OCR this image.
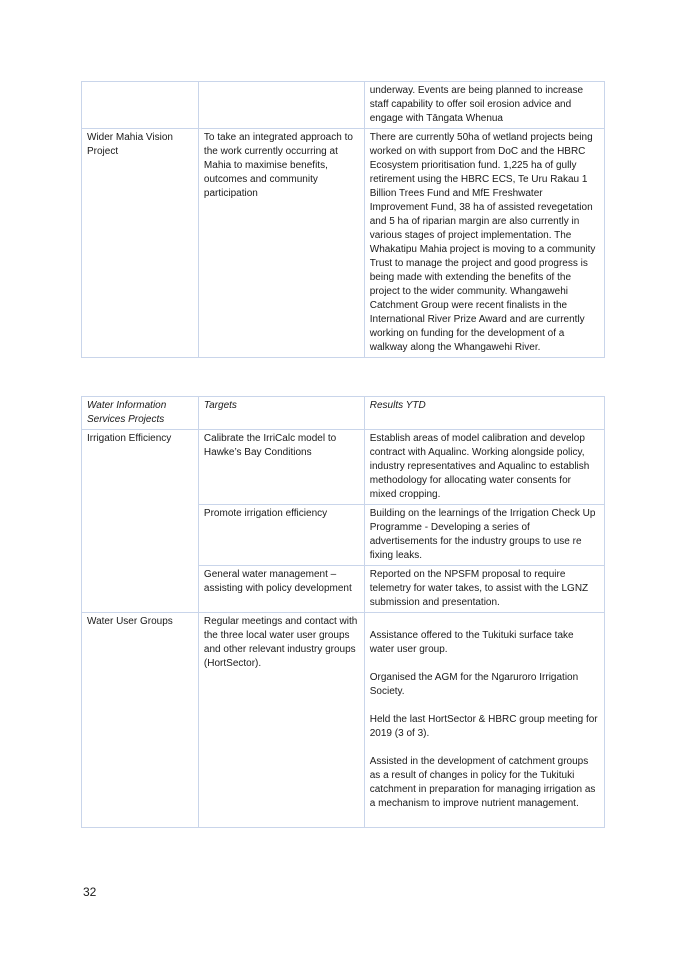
		underway. Events are being planned to increase staff capability to offer soil erosion advice and engage with Tāngata Whenua
Wider Mahia Vision Project	To take an integrated approach to the work currently occurring at Mahia to maximise benefits, outcomes and community participation	There are currently 50ha of wetland projects being worked on with support from DoC and the HBRC Ecosystem prioritisation fund. 1,225 ha of gully retirement using the HBRC ECS, Te Uru Rakau 1 Billion Trees Fund and MfE Freshwater Improvement Fund, 38 ha of assisted revegetation and 5 ha of riparian margin are also currently in various stages of project implementation. The Whakatipu Mahia project is moving to a community Trust to manage the project and good progress is being made with extending the benefits of the project to the wider community. Whangawehi Catchment Group were recent finalists in the International River Prize Award and are currently working on funding for the development of a walkway along the Whangawehi River.
Water Information Services Projects	Targets	Results YTD
Irrigation Efficiency	Calibrate the IrriCalc model to Hawke’s Bay Conditions	Establish areas of model calibration and develop contract with Aqualinc. Working alongside policy, industry representatives and Aqualinc to establish methodology for allocating water consents for mixed cropping.
	Promote irrigation efficiency	Building on the learnings of the Irrigation Check Up Programme - Developing a series of advertisements for the industry groups to use re fixing leaks.
	General water management – assisting with policy development	Reported on the NPSFM proposal to require telemetry for water takes, to assist with the LGNZ submission and presentation.
Water User Groups	Regular meetings and contact with the three local water user groups and other relevant industry groups (HortSector).	Assistance offered to the Tukituki surface take water user group.

Organised the AGM for the Ngaruroro Irrigation Society.

Held the last HortSector & HBRC group meeting for 2019 (3 of 3).

Assisted in the development of catchment groups as a result of changes in policy for the Tukituki catchment in preparation for managing irrigation as a mechanism to improve nutrient management.

32
